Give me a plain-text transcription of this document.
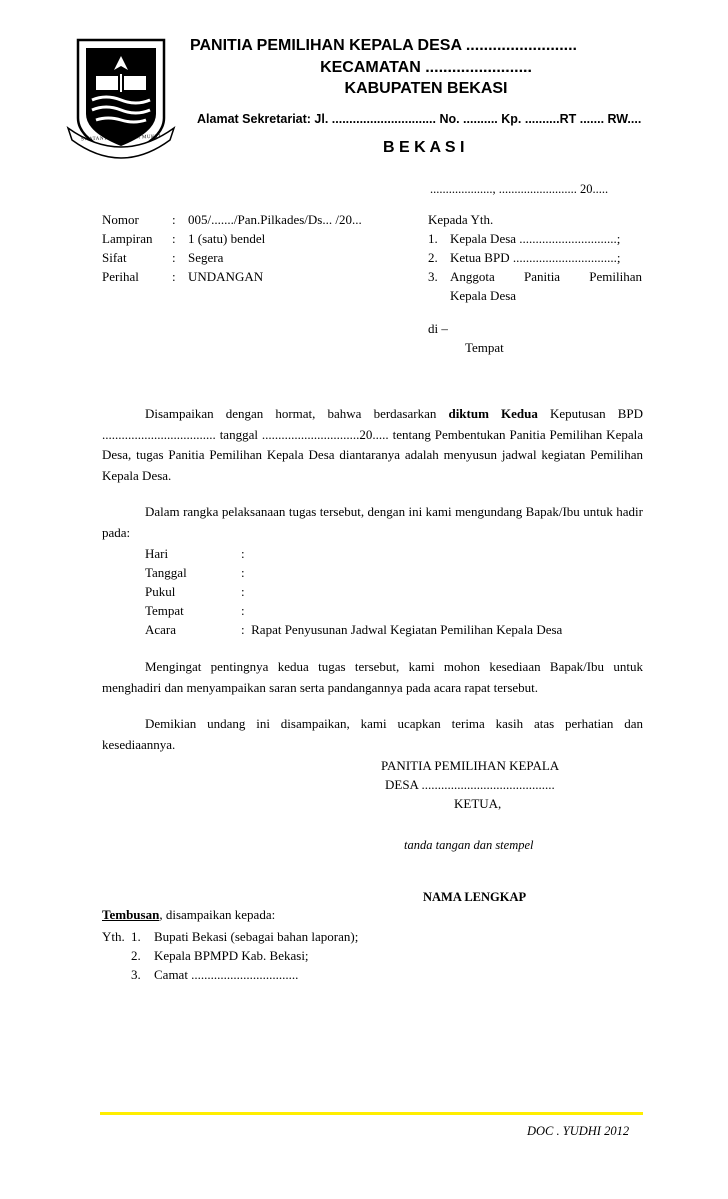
SWATANTRA WIBAWA MUKTI
PANITIA PEMILIHAN KEPALA DESA .........................
KECAMATAN ........................
KABUPATEN BEKASI
Alamat Sekretariat: Jl. .............................. No. .......... Kp. ..........RT ....... RW....
B E K A S I
...................., ......................... 20.....
Nomor	: 005/......./Pan.Pilkades/Ds... /20...
Lampiran : 1 (satu) bendel
Sifat	: Segera
Perihal	: UNDANGAN
Kepada Yth.
1. Kepala Desa ..............................;
2. Ketua BPD ................................;
3. Anggota Panitia Pemilihan
Kepala Desa
di –
Tempat

Disampaikan dengan hormat, bahwa berdasarkan diktum Kedua Keputusan BPD ................................... tanggal ..............................20..... tentang Pembentukan Panitia Pemilihan Kepala Desa, tugas Panitia Pemilihan Kepala Desa diantaranya adalah menyusun jadwal kegiatan Pemilihan Kepala Desa.

Dalam rangka pelaksanaan tugas tersebut, dengan ini kami mengundang Bapak/Ibu untuk hadir pada:

Hari	:
Tanggal	:
Pukul	:
Tempat	:
Acara	: Rapat Penyusunan Jadwal Kegiatan Pemilihan Kepala Desa

Mengingat pentingnya kedua tugas tersebut, kami mohon kesediaan Bapak/Ibu untuk menghadiri dan menyampaikan saran serta pandangannya pada acara rapat tersebut.

Demikian undang ini disampaikan, kami ucapkan terima kasih atas perhatian dan kesediaannya.

PANITIA PEMILIHAN KEPALA
DESA .........................................
KETUA,
tanda tangan dan stempel
NAMA LENGKAP
Tembusan, disampaikan kepada:
Yth. 1. Bupati Bekasi (sebagai bahan laporan);
2. Kepala BPMPD Kab. Bekasi;
3. Camat .................................
DOC . YUDHI 2012
